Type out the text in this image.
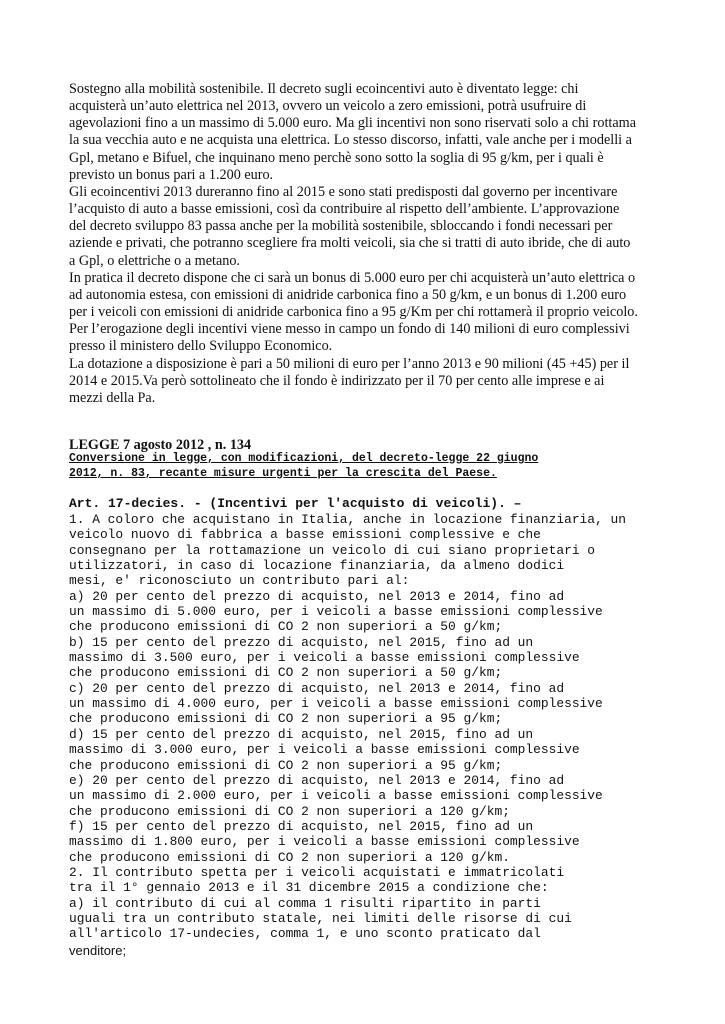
Sostegno alla mobilità sostenibile. Il decreto sugli ecoincentivi auto è diventato legge: chi
acquisterà un’auto elettrica nel 2013, ovvero un veicolo a zero emissioni, potrà usufruire di
agevolazioni fino a un massimo di 5.000 euro. Ma gli incentivi non sono riservati solo a chi rottama
la sua vecchia auto e ne acquista una elettrica. Lo stesso discorso, infatti, vale anche per i modelli a
Gpl, metano e Bifuel, che inquinano meno perchè sono sotto la soglia di 95 g/km, per i quali è
previsto un bonus pari a 1.200 euro.
Gli ecoincentivi 2013 dureranno fino al 2015 e sono stati predisposti dal governo per incentivare
l’acquisto di auto a basse emissioni, così da contribuire al rispetto dell’ambiente. L’approvazione
del decreto sviluppo 83 passa anche per la mobilità sostenibile, sbloccando i fondi necessari per
aziende e privati, che potranno scegliere fra molti veicoli, sia che si tratti di auto ibride, che di auto
a Gpl, o elettriche o a metano.
In pratica il decreto dispone che ci sarà un bonus di 5.000 euro per chi acquisterà un’auto elettrica o
ad autonomia estesa, con emissioni di anidride carbonica fino a 50 g/km, e un bonus di 1.200 euro
per i veicoli con emissioni di anidride carbonica fino a 95 g/Km per chi rottamerà il proprio veicolo.
Per l’erogazione degli incentivi viene messo in campo un fondo di 140 milioni di euro complessivi
presso il ministero dello Sviluppo Economico.
La dotazione a disposizione è pari a 50 milioni di euro per l’anno 2013 e 90 milioni (45 +45) per il
2014 e 2015.Va però sottolineato che il fondo è indirizzato per il 70 per cento alle imprese e ai
mezzi della Pa.
LEGGE 7 agosto 2012 , n. 134
Conversione in legge, con modificazioni, del decreto-legge 22 giugno
2012, n. 83, recante misure urgenti per la crescita del Paese.
Art. 17-decies. - (Incentivi per l'acquisto di veicoli). –
1. A coloro che acquistano in Italia, anche in locazione finanziaria, un
veicolo nuovo di fabbrica a basse emissioni complessive e che
consegnano per la rottamazione un veicolo di cui siano proprietari o
utilizzatori, in caso di locazione finanziaria, da almeno dodici
mesi, e' riconosciuto un contributo pari al:
a) 20 per cento del prezzo di acquisto, nel 2013 e 2014, fino ad
un massimo di 5.000 euro, per i veicoli a basse emissioni complessive
che producono emissioni di CO 2 non superiori a 50 g/km;
b) 15 per cento del prezzo di acquisto, nel 2015, fino ad un
massimo di 3.500 euro, per i veicoli a basse emissioni complessive
che producono emissioni di CO 2 non superiori a 50 g/km;
c) 20 per cento del prezzo di acquisto, nel 2013 e 2014, fino ad
un massimo di 4.000 euro, per i veicoli a basse emissioni complessive
che producono emissioni di CO 2 non superiori a 95 g/km;
d) 15 per cento del prezzo di acquisto, nel 2015, fino ad un
massimo di 3.000 euro, per i veicoli a basse emissioni complessive
che producono emissioni di CO 2 non superiori a 95 g/km;
e) 20 per cento del prezzo di acquisto, nel 2013 e 2014, fino ad
un massimo di 2.000 euro, per i veicoli a basse emissioni complessive
che producono emissioni di CO 2 non superiori a 120 g/km;
f) 15 per cento del prezzo di acquisto, nel 2015, fino ad un
massimo di 1.800 euro, per i veicoli a basse emissioni complessive
che producono emissioni di CO 2 non superiori a 120 g/km.
2. Il contributo spetta per i veicoli acquistati e immatricolati
tra il 1° gennaio 2013 e il 31 dicembre 2015 a condizione che:
a) il contributo di cui al comma 1 risulti ripartito in parti
uguali tra un contributo statale, nei limiti delle risorse di cui
all'articolo 17-undecies, comma 1, e uno sconto praticato dal
venditore;
